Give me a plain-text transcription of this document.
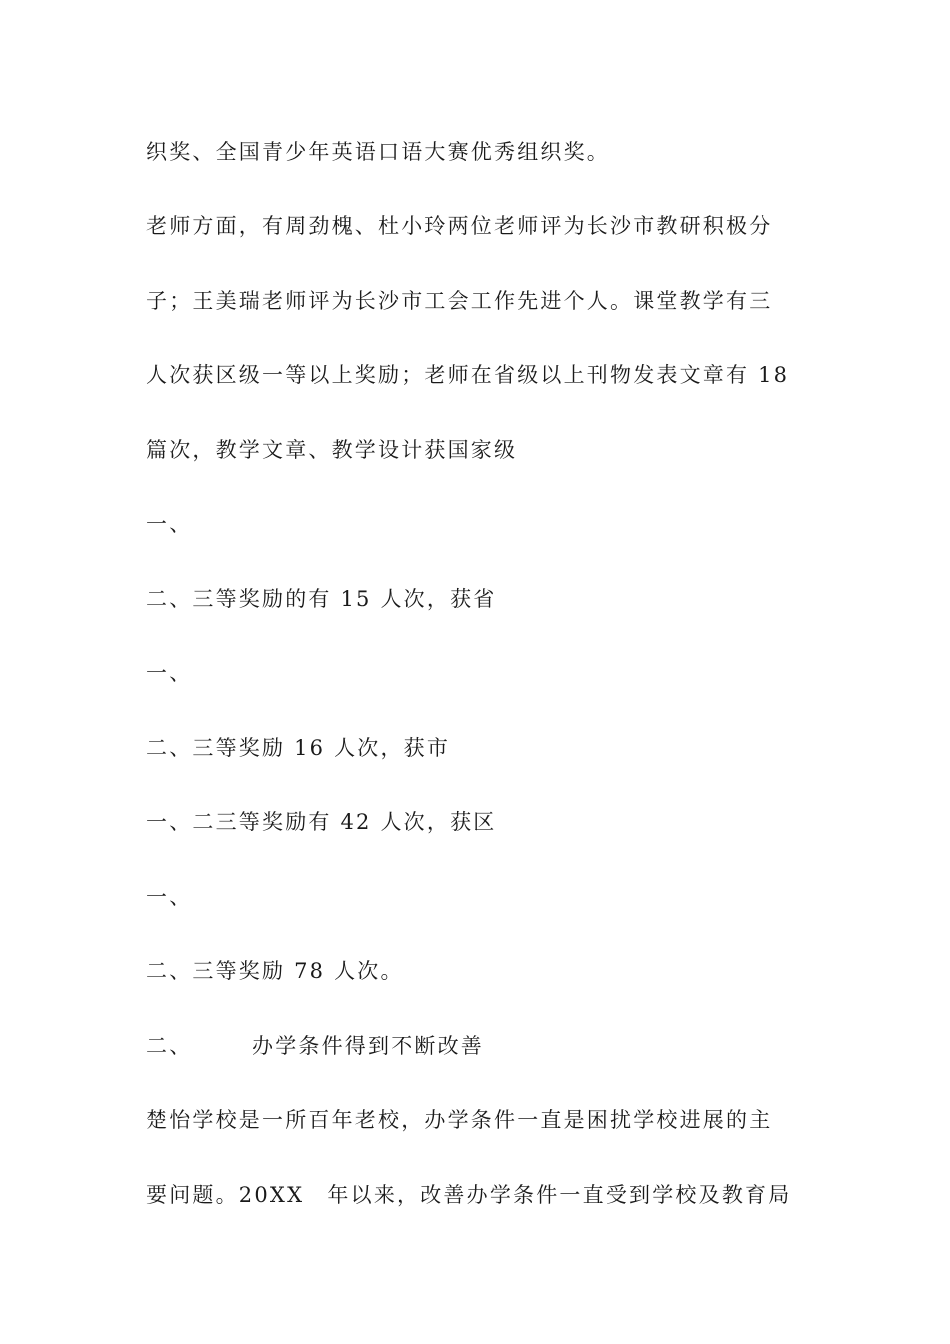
织奖、全国青少年英语口语大赛优秀组织奖。

老师方面，有周劲槐、杜小玲两位老师评为长沙市教研积极分

子；王美瑞老师评为长沙市工会工作先进个人。课堂教学有三

人次获区级一等以上奖励；老师在省级以上刊物发表文章有 18

篇次，教学文章、教学设计获国家级

一、

二、三等奖励的有 15 人次，获省

一、

二、三等奖励 16 人次，获市

一、二三等奖励有 42 人次，获区

一、

二、三等奖励 78 人次。

二、	办学条件得到不断改善

楚怡学校是一所百年老校，办学条件一直是困扰学校进展的主

要问题。20XX　年以来，改善办学条件一直受到学校及教育局
